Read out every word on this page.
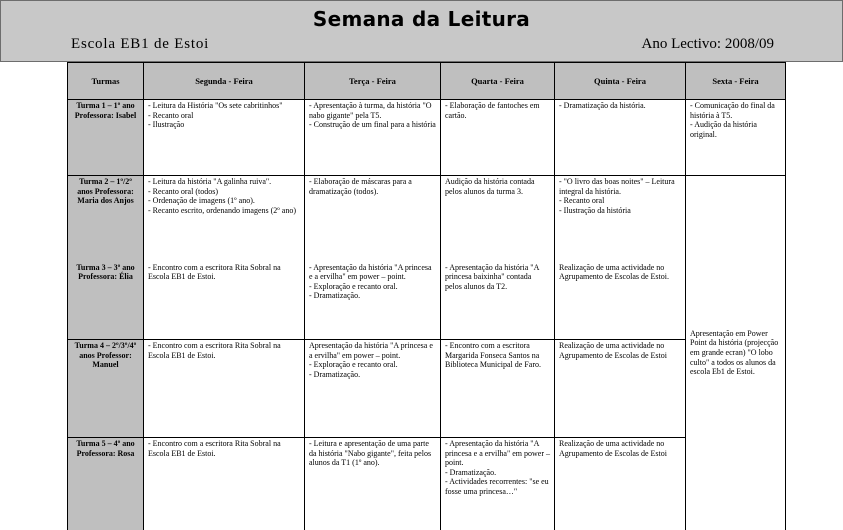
Semana da Leitura
Escola EB1 de Estoi	Ano Lectivo: 2008/09
Turmas	Segunda - Feira	Terça - Feira	Quarta - Feira	Quinta - Feira	Sexta - Feira
Turma 1 – 1º ano Professora: Isabel	- Leitura da História "Os sete cabritinhos"
- Recanto oral
- Ilustração	- Apresentação à turma, da história "O nabo gigante" pela T5.
- Construção de um final para a história	- Elaboração de fantoches em cartão.	- Dramatização da história.	- Comunicação do final da história à T5.
- Audição da história original.
Turma 2 – 1º/2º anos Professora: Maria dos Anjos	- Leitura da história "A galinha ruiva".
- Recanto oral (todos)
- Ordenação de imagens (1º ano).
- Recanto escrito, ordenando imagens (2º ano)	- Elaboração de máscaras para a dramatização (todos).	Audição da história contada pelos alunos da turma 3.	- "O livro das boas noites" – Leitura integral da história.
- Recanto oral
- Ilustração da história	Apresentação em Power Point da história (projecção em grande ecran) "O lobo culto" a todos os alunos da escola Eb1 de Estoi.
Turma 3 – 3º ano Professora: Élia	- Encontro com a escritora Rita Sobral na Escola EB1 de Estoi.	- Apresentação da história "A princesa e a ervilha" em power – point.
- Exploração e recanto oral.
- Dramatização.	- Apresentação da história "A princesa baixinha" contada pelos alunos da T2.	Realização de uma actividade no Agrupamento de Escolas de Estoi.	
Turma 4 – 2º/3º/4º anos Professor: Manuel	- Encontro com a escritora Rita Sobral na Escola EB1 de Estoi.	Apresentação da história "A princesa e a ervilha" em power – point.
- Exploração e recanto oral.
- Dramatização.	- Encontro com a escritora Margarida Fonseca Santos na Biblioteca Municipal de Faro.	Realização de uma actividade no Agrupamento de Escolas de Estoi	
Turma 5 – 4º ano Professora: Rosa	- Encontro com a escritora Rita Sobral na Escola EB1 de Estoi.	- Leitura e apresentação de uma parte da história "Nabo gigante", feita pelos alunos da T1 (1º ano).	- Apresentação da história "A princesa e a ervilha" em power – point.
- Dramatização.
- Actividades recorrentes: "se eu fosse uma princesa…"	Realização de uma actividade no Agrupamento de Escolas de Estoi	
